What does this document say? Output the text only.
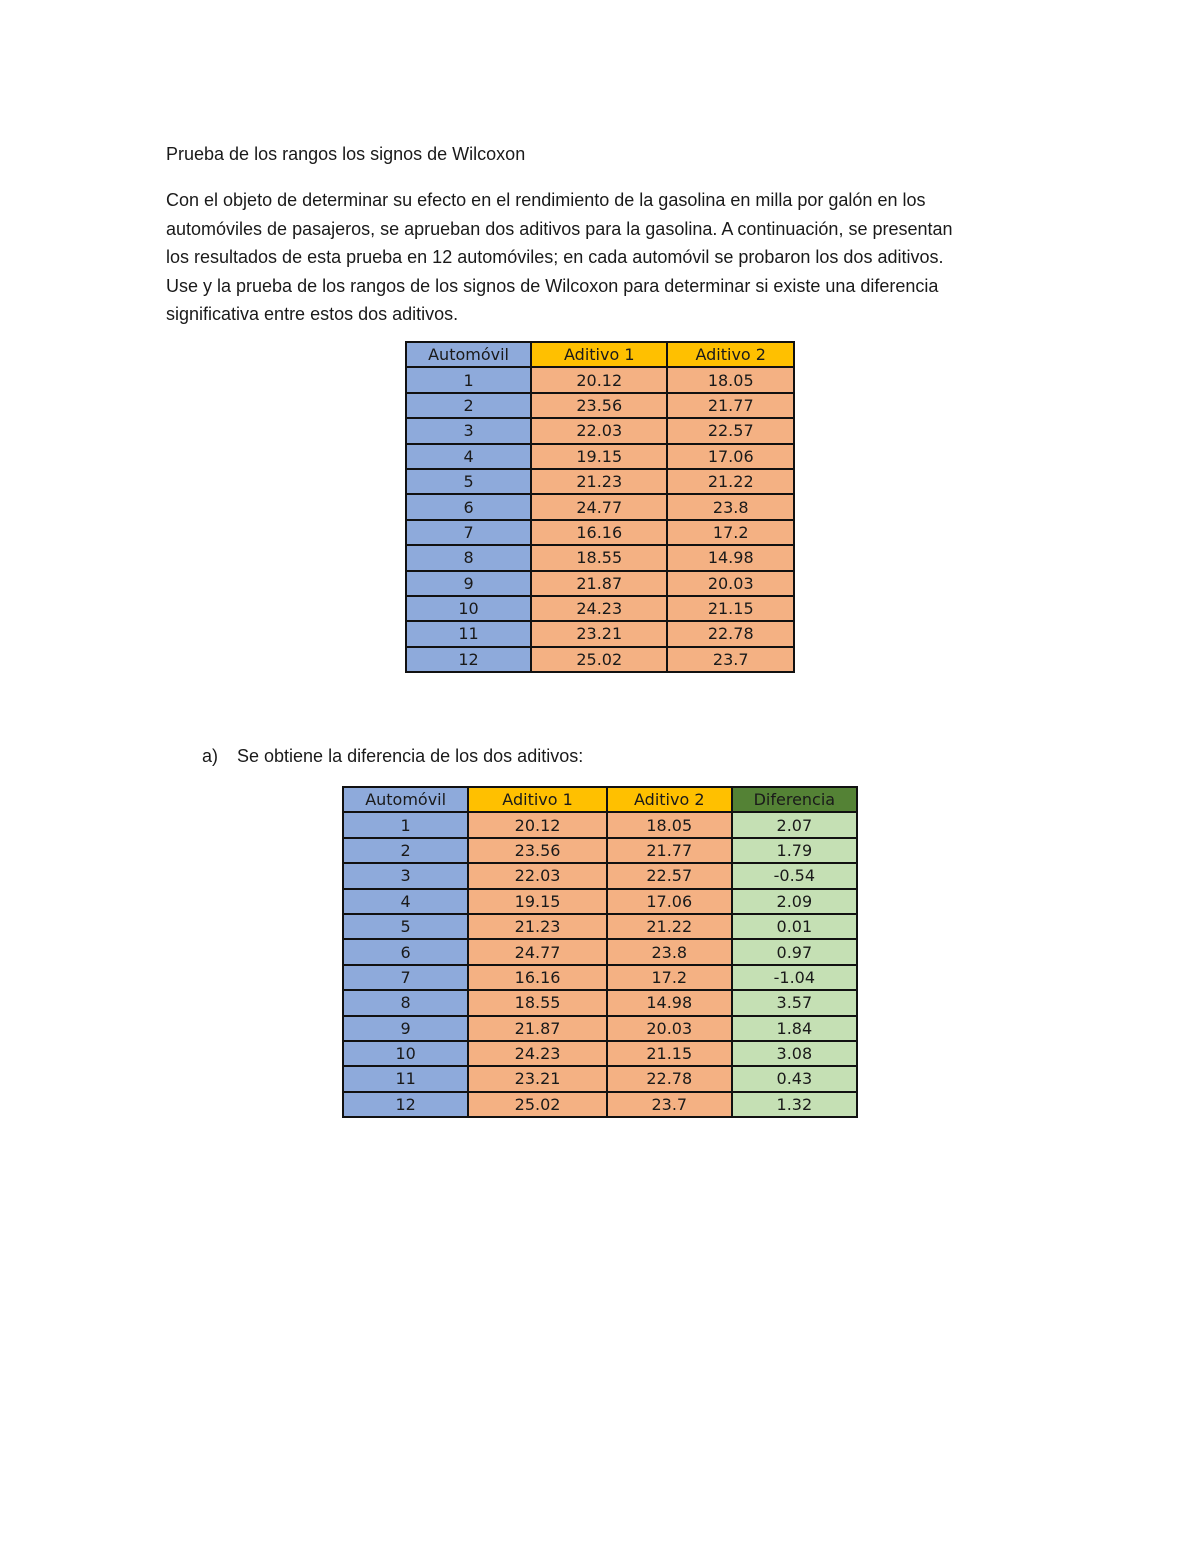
Prueba de los rangos los signos de Wilcoxon

Con el objeto de determinar su efecto en el rendimiento de la gasolina en milla por galón en los
automóviles de pasajeros, se aprueban dos aditivos para la gasolina. A continuación, se presentan
los resultados de esta prueba en 12 automóviles; en cada automóvil se probaron los dos aditivos.
Use y la prueba de los rangos de los signos de Wilcoxon para determinar si existe una diferencia
significativa entre estos dos aditivos.

Automóvil	Aditivo 1	Aditivo 2
1	20.12	18.05
2	23.56	21.77
3	22.03	22.57
4	19.15	17.06
5	21.23	21.22
6	24.77	23.8
7	16.16	17.2
8	18.55	14.98
9	21.87	20.03
10	24.23	21.15
11	23.21	22.78
12	25.02	23.7
a) Se obtiene la diferencia de los dos aditivos:
Automóvil	Aditivo 1	Aditivo 2	Diferencia
1	20.12	18.05	2.07
2	23.56	21.77	1.79
3	22.03	22.57	-0.54
4	19.15	17.06	2.09
5	21.23	21.22	0.01
6	24.77	23.8	0.97
7	16.16	17.2	-1.04
8	18.55	14.98	3.57
9	21.87	20.03	1.84
10	24.23	21.15	3.08
11	23.21	22.78	0.43
12	25.02	23.7	1.32
